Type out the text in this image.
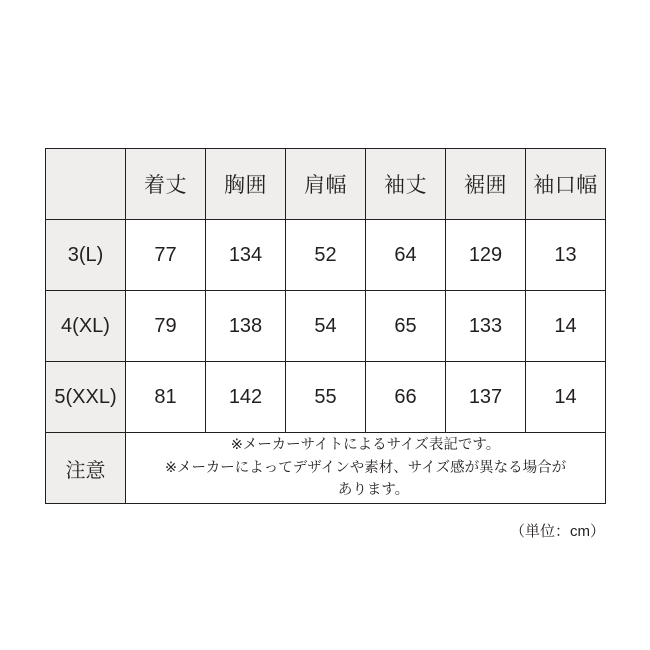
	着丈	胸囲	肩幅	袖丈	裾囲	袖口幅
3(L)	77	134	52	64	129	13
4(XL)	79	138	54	65	133	14
5(XXL)	81	142	55	66	137	14
注意	※メーカーサイトによるサイズ表記です。
※メーカーによってデザインや素材、サイズ感が異なる場合が
あります。					
（単位：cm）
